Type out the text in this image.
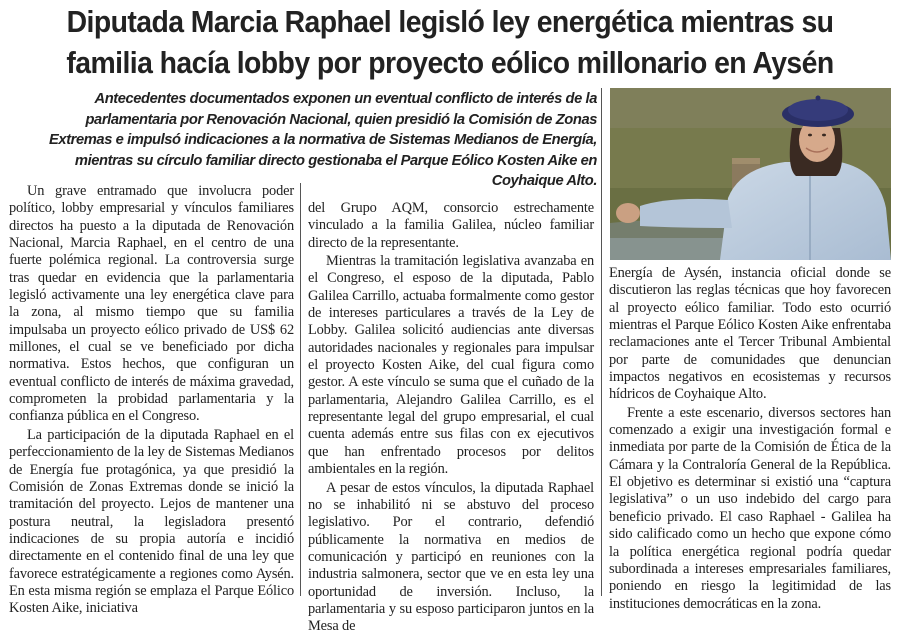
Diputada Marcia Raphael legisló ley energética mientras su
familia hacía lobby por proyecto eólico millonario en Aysén
Antecedentes documentados exponen un eventual conflicto de interés de la
parlamentaria por Renovación Nacional, quien presidió la Comisión de Zonas
Extremas e impulsó indicaciones a la normativa de Sistemas Medianos de Energía,
mientras su círculo familiar directo gestionaba el Parque Eólico Kosten Aike en
Coyhaique Alto.

Un grave entramado que involucra poder político, lobby empresarial y vínculos familiares directos ha puesto a la diputada de Renovación Nacional, Marcia Raphael, en el centro de una fuerte polémica regional. La controversia surge tras quedar en evidencia que la parlamentaria legisló activamente una ley energética clave para la zona, al mismo tiempo que su familia impulsaba un proyecto eólico privado de US$ 62 millones, el cual se ve beneficiado por dicha normativa. Estos hechos, que configuran un eventual conflicto de interés de máxima gravedad, comprometen la probidad parlamentaria y la confianza pública en el Congreso.

La participación de la diputada Raphael en el perfeccionamiento de la ley de Sistemas Medianos de Energía fue protagónica, ya que presidió la Comisión de Zonas Extremas donde se inició la tramitación del proyecto. Lejos de mantener una postura neutral, la legisladora presentó indicaciones de su propia autoría e incidió directamente en el contenido final de una ley que favorece estratégicamente a regiones como Aysén. En esta misma región se emplaza el Parque Eólico Kosten Aike, iniciativa

del Grupo AQM, consorcio estrechamente vinculado a la familia Galilea, núcleo familiar directo de la representante.

Mientras la tramitación legislativa avanzaba en el Congreso, el esposo de la diputada, Pablo Galilea Carrillo, actuaba formalmente como gestor de intereses particulares a través de la Ley de Lobby. Galilea solicitó audiencias ante diversas autoridades nacionales y regionales para impulsar el proyecto Kosten Aike, del cual figura como gestor. A este vínculo se suma que el cuñado de la parlamentaria, Alejandro Galilea Carrillo, es el representante legal del grupo empresarial, el cual cuenta además entre sus filas con ex ejecutivos que han enfrentado procesos por delitos ambientales en la región.

A pesar de estos vínculos, la diputada Raphael no se inhabilitó ni se abstuvo del proceso legislativo. Por el contrario, defendió públicamente la normativa en medios de comunicación y participó en reuniones con la industria salmonera, sector que ve en esta ley una oportunidad de inversión. Incluso, la parlamentaria y su esposo participaron juntos en la Mesa de

Energía de Aysén, instancia oficial donde se discutieron las reglas técnicas que hoy favorecen al proyecto eólico familiar. Todo esto ocurrió mientras el Parque Eólico Kosten Aike enfrentaba reclamaciones ante el Tercer Tribunal Ambiental por parte de comunidades que denuncian impactos negativos en ecosistemas y recursos hídricos de Coyhaique Alto.

Frente a este escenario, diversos sectores han comenzado a exigir una investigación formal e inmediata por parte de la Comisión de Ética de la Cámara y la Contraloría General de la República. El objetivo es determinar si existió una “captura legislativa” o un uso indebido del cargo para beneficio privado. El caso Raphael - Galilea ha sido calificado como un hecho que expone cómo la política energética regional podría quedar subordinada a intereses empresariales familiares, poniendo en riesgo la legitimidad de las instituciones democráticas en la zona.
